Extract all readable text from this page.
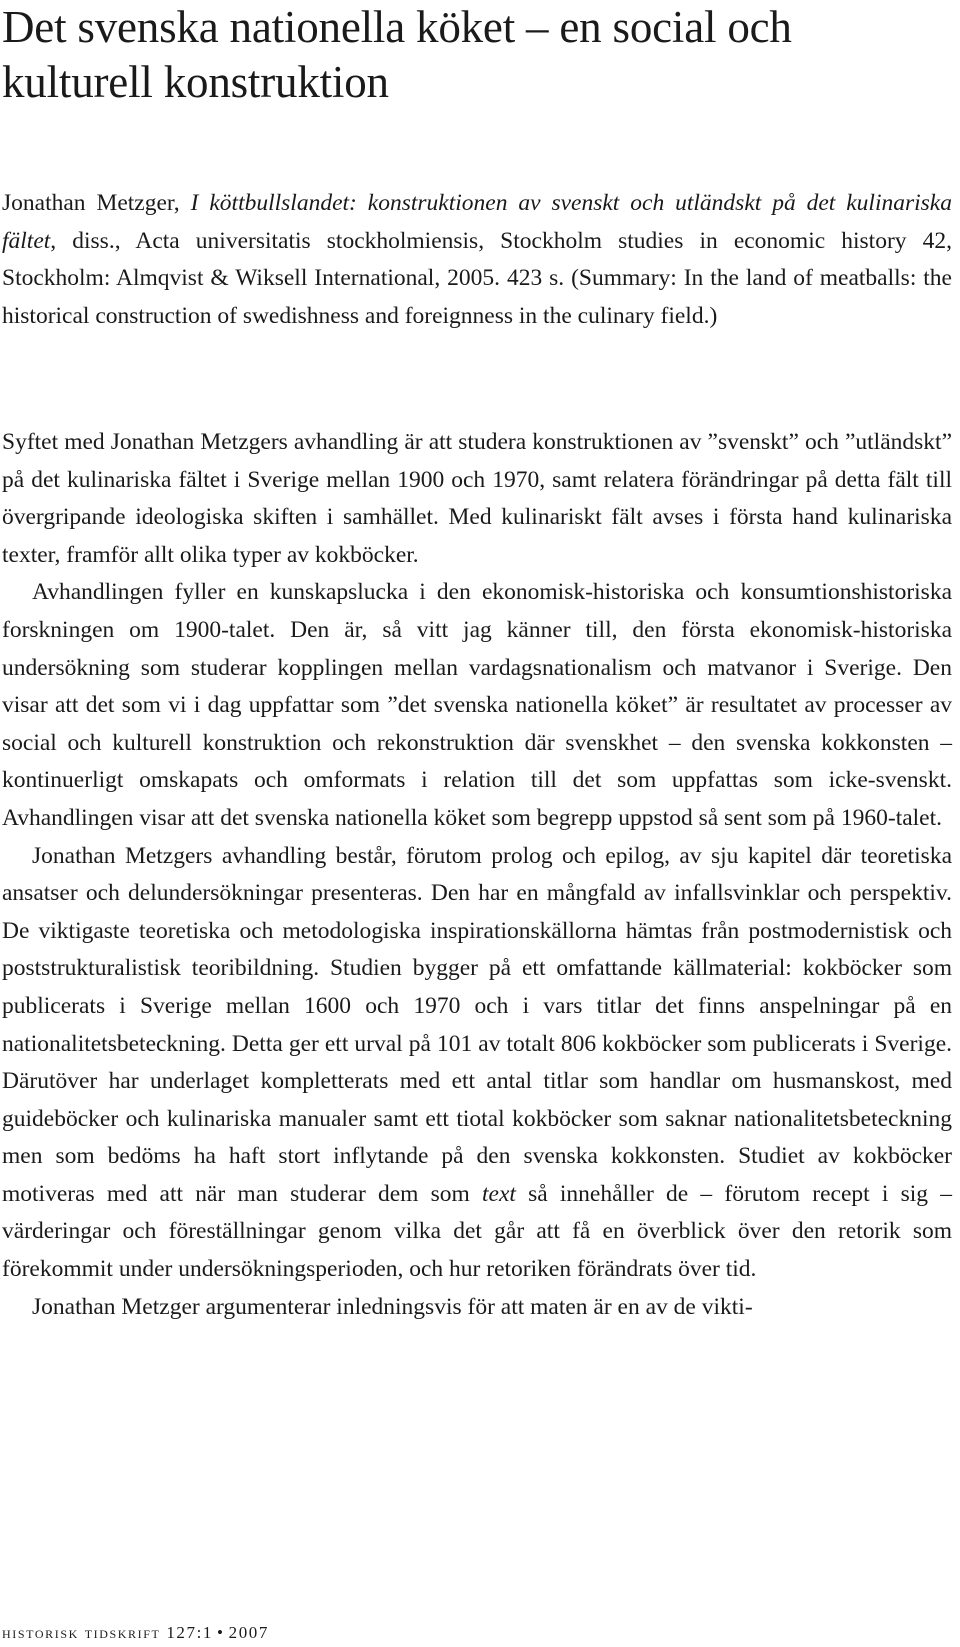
Det svenska nationella köket – en social och kulturell konstruktion

Jonathan Metzger, I köttbullslandet: konstruktionen av svenskt och utländskt på det kulinariska fältet, diss., Acta universitatis stockholmiensis, Stockholm studies in economic history 42, Stockholm: Almqvist & Wiksell International, 2005. 423 s. (Summary: In the land of meatballs: the historical construction of swedishness and foreignness in the culinary field.)

Syftet med Jonathan Metzgers avhandling är att studera konstruktionen av ”svenskt” och ”utländskt” på det kulinariska fältet i Sverige mellan 1900 och 1970, samt relatera förändringar på detta fält till övergripande ideologiska skiften i samhället. Med kulinariskt fält avses i första hand kulinariska texter, framför allt olika typer av kokböcker.

Avhandlingen fyller en kunskapslucka i den ekonomisk-historiska och konsumtionshistoriska forskningen om 1900-talet. Den är, så vitt jag känner till, den första ekonomisk-historiska undersökning som studerar kopplingen mellan vardagsnationalism och matvanor i Sverige. Den visar att det som vi i dag uppfattar som ”det svenska nationella köket” är resultatet av processer av social och kulturell konstruktion och rekonstruktion där svenskhet – den svenska kokkonsten – kontinuerligt omskapats och omformats i relation till det som uppfattas som icke-svenskt. Avhandlingen visar att det svenska nationella köket som begrepp uppstod så sent som på 1960-talet.

Jonathan Metzgers avhandling består, förutom prolog och epilog, av sju kapitel där teoretiska ansatser och delundersökningar presenteras. Den har en mångfald av infallsvinklar och perspektiv. De viktigaste teoretiska och metodologiska inspirationskällorna hämtas från postmodernistisk och poststrukturalistisk teoribildning. Studien bygger på ett omfattande källmaterial: kokböcker som publicerats i Sverige mellan 1600 och 1970 och i vars titlar det finns anspelningar på en nationalitetsbeteckning. Detta ger ett urval på 101 av totalt 806 kokböcker som publicerats i Sverige. Därutöver har underlaget kompletterats med ett antal titlar som handlar om husmanskost, med guideböcker och kulinariska manualer samt ett tiotal kokböcker som saknar nationalitetsbeteckning men som bedöms ha haft stort inflytande på den svenska kokkonsten. Studiet av kokböcker motiveras med att när man studerar dem som text så innehåller de – förutom recept i sig – värderingar och föreställningar genom vilka det går att få en överblick över den retorik som förekommit under undersökningsperioden, och hur retoriken förändrats över tid.

Jonathan Metzger argumenterar inledningsvis för att maten är en av de vikti-

historisk tidskrift 127:1 • 2007
